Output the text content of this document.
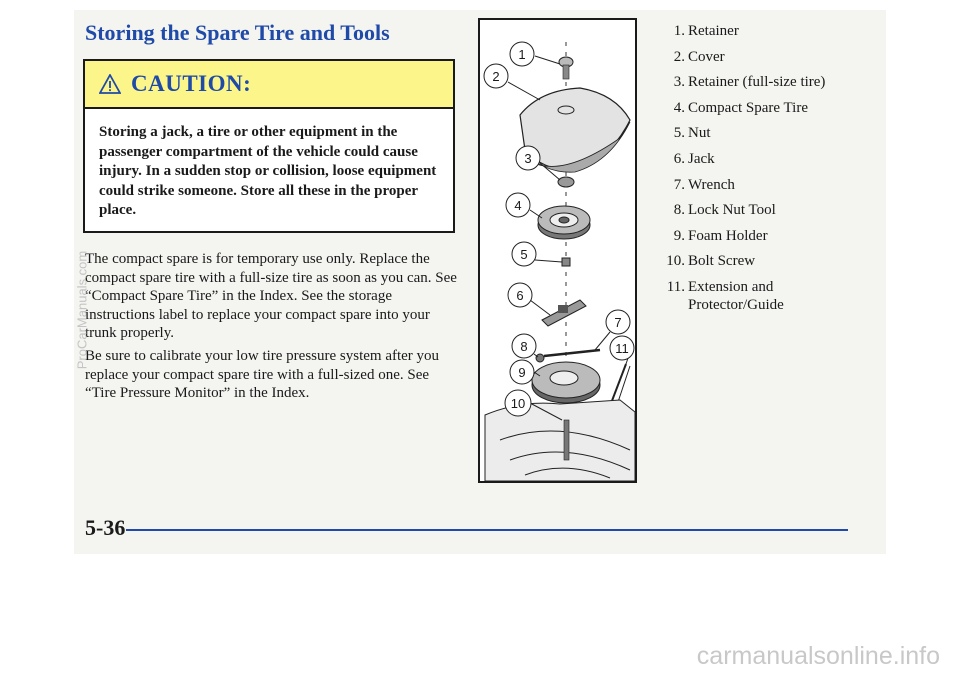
Storing the Spare Tire and Tools
CAUTION:
Storing a jack, a tire or other equipment in the passenger compartment of the vehicle could cause injury. In a sudden stop or collision, loose equipment could strike someone. Store all these in the proper place.

The compact spare is for temporary use only. Replace the compact spare tire with a full-size tire as soon as you can. See “Compact Spare Tire” in the Index. See the storage instructions label to replace your compact spare into your trunk properly.

Be sure to calibrate your low tire pressure system after you replace your compact spare tire with a full-sized one. See “Tire Pressure Monitor” in the Index.

1
2
3
4
5
6
7
8
9
10
11
1. Retainer
2. Cover
3. Retainer (full-size tire)
4. Compact Spare Tire
5. Nut
6. Jack
7. Wrench
8. Lock Nut Tool
9. Foam Holder
10. Bolt Screw
11. Extension and Protector/Guide
5-36
ProCarManuals.com
carmanualsonline.info
